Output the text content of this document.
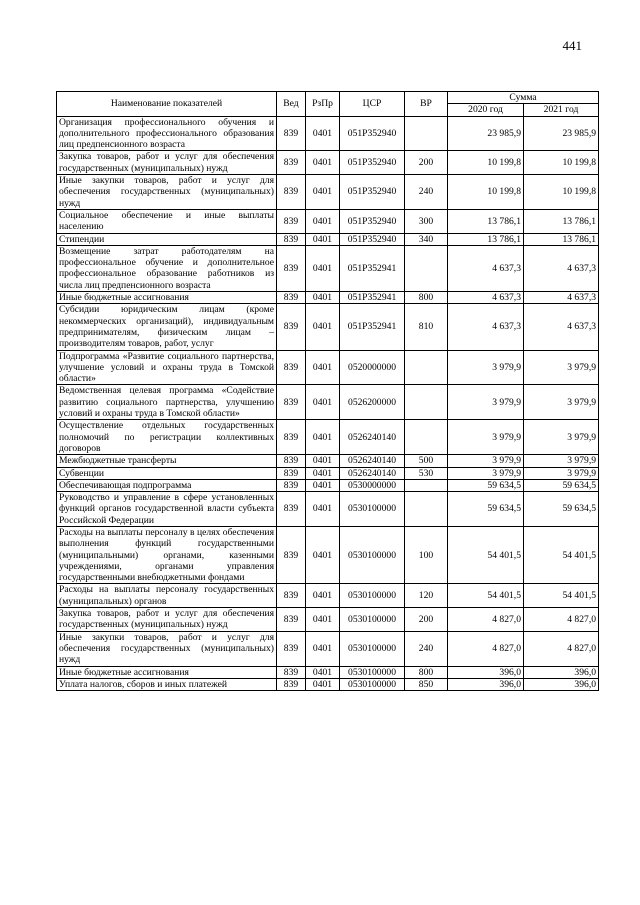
441
Наименование показателей	Вед	РзПр	ЦСР	ВР	Сумма	
					2020 год	2021 год
Организация профессионального обучения и дополнительного профессионального образования лиц предпенсионного возраста	839	0401	051P352940		23 985,9	23 985,9
Закупка товаров, работ и услуг для обеспечения государственных (муниципальных) нужд	839	0401	051P352940	200	10 199,8	10 199,8
Иные закупки товаров, работ и услуг для обеспечения государственных (муниципальных) нужд	839	0401	051P352940	240	10 199,8	10 199,8
Социальное обеспечение и иные выплаты населению	839	0401	051P352940	300	13 786,1	13 786,1
Стипендии	839	0401	051P352940	340	13 786,1	13 786,1
Возмещение затрат работодателям на профессиональное обучение и дополнительное профессиональное образование работников из числа лиц предпенсионного возраста	839	0401	051P352941		4 637,3	4 637,3
Иные бюджетные ассигнования	839	0401	051P352941	800	4 637,3	4 637,3
Субсидии юридическим лицам (кроме некоммерческих организаций), индивидуальным предпринимателям, физическим лицам – производителям товаров, работ, услуг	839	0401	051P352941	810	4 637,3	4 637,3
Подпрограмма «Развитие социального партнерства, улучшение условий и охраны труда в Томской области»	839	0401	0520000000		3 979,9	3 979,9
Ведомственная целевая программа «Содействие развитию социального партнерства, улучшению условий и охраны труда в Томской области»	839	0401	0526200000		3 979,9	3 979,9
Осуществление отдельных государственных полномочий по регистрации коллективных договоров	839	0401	0526240140		3 979,9	3 979,9
Межбюджетные трансферты	839	0401	0526240140	500	3 979,9	3 979,9
Субвенции	839	0401	0526240140	530	3 979,9	3 979,9
Обеспечивающая подпрограмма	839	0401	0530000000		59 634,5	59 634,5
Руководство и управление в сфере установленных функций органов государственной власти субъекта Российской Федерации	839	0401	0530100000		59 634,5	59 634,5
Расходы на выплаты персоналу в целях обеспечения выполнения функций государственными (муниципальными) органами, казенными учреждениями, органами управления государственными внебюджетными фондами	839	0401	0530100000	100	54 401,5	54 401,5
Расходы на выплаты персоналу государственных (муниципальных) органов	839	0401	0530100000	120	54 401,5	54 401,5
Закупка товаров, работ и услуг для обеспечения государственных (муниципальных) нужд	839	0401	0530100000	200	4 827,0	4 827,0
Иные закупки товаров, работ и услуг для обеспечения государственных (муниципальных) нужд	839	0401	0530100000	240	4 827,0	4 827,0
Иные бюджетные ассигнования	839	0401	0530100000	800	396,0	396,0
Уплата налогов, сборов и иных платежей	839	0401	0530100000	850	396,0	396,0
